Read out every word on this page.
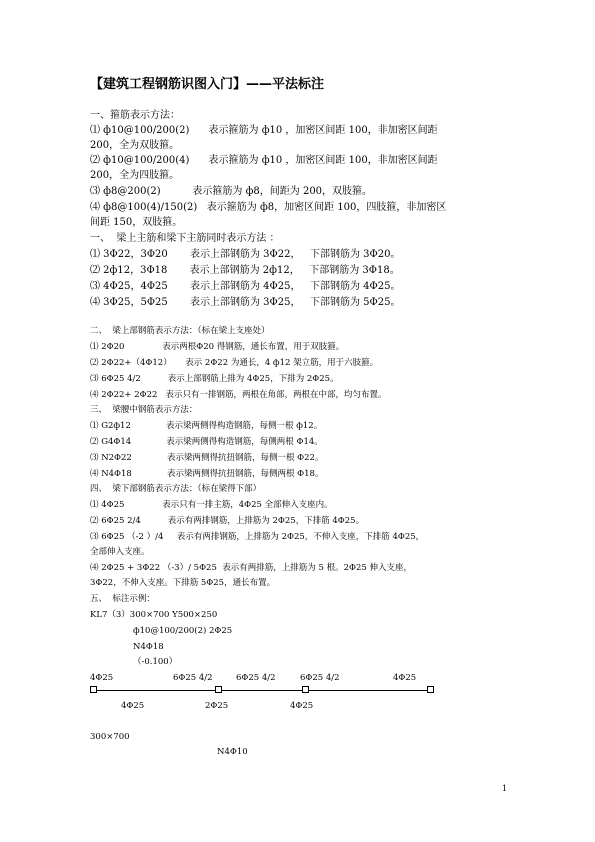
【建筑工程钢筋识图入门】——平法标注
一、箍筋表示方法：
⑴ ф10@100/200(2)      表示箍筋为 ф10 ，加密区间距 100，非加密区间距
200，全为双肢箍。
⑵ ф10@100/200(4)      表示箍筋为 ф10 ，加密区间距 100，非加密区间距
200，全为四肢箍。
⑶ ф8@200(2)          表示箍筋为 ф8，间距为 200，双肢箍。
⑷ ф8@100(4)/150(2)   表示箍筋为 ф8，加密区间距 100，四肢箍，非加密区
间距 150，双肢箍。
一、  梁上主筋和梁下主筋同时表示方法 ：
⑴ 3Φ22，3Φ20       表示上部钢筋为 3Φ22，   下部钢筋为 3Φ20。
⑵ 2ф12，3Φ18       表示上部钢筋为 2ф12，   下部钢筋为 3Φ18。
⑶ 4Φ25，4Φ25       表示上部钢筋为 4Φ25，   下部钢筋为 4Φ25。
⑷ 3Φ25，5Φ25       表示上部钢筋为 3Φ25，   下部钢筋为 5Φ25。
二、  梁上部钢筋表示方法：（标在梁上支座处）
⑴ 2Φ20              表示两根Φ20 得钢筋，通长布置，用于双肢箍。
⑵ 2Φ22+（4Φ12）     表示 2Φ22 为通长，4 ф12 架立筋，用于六肢箍。
⑶ 6Φ25 4/2          表示上部钢筋上排为 4Φ25，下排为 2Φ25。
⑷ 2Φ22+ 2Φ22   表示只有一排钢筋，两根在角部，两根在中部，均匀布置。
三、  梁腰中钢筋表示方法：
⑴ G2ф12             表示梁两侧得构造钢筋，每侧一根 ф12。
⑵ G4Φ14             表示梁两侧得构造钢筋，每侧两根 Φ14。
⑶ N2Φ22             表示梁两侧得抗扭钢筋，每侧一根 Φ22。
⑷ N4Φ18             表示梁两侧得抗扭钢筋，每侧两根 Φ18。
四、  梁下部钢筋表示方法：（标在梁得下部）
⑴ 4Φ25              表示只有一排主筋，4Φ25 全部伸入支座内。
⑵ 6Φ25 2/4          表示有两排钢筋，上排筋为 2Φ25，下排筋 4Φ25。
⑶ 6Φ25 （-2 ）/4     表示有两排钢筋，上排筋为 2Φ25，不伸入支座，下排筋 4Φ25，
全部伸入支座。
⑷ 2Φ25 + 3Φ22 （-3）/ 5Φ25  表示有两排筋，上排筋为 5 根。2Φ25 伸入支座，
3Φ22，不伸入支座。下排筋 5Φ25，通长布置。
五、  标注示例：
KL7（3）300×700 Y500×250
ф10@100/200(2) 2Φ25
N4Φ18
（-0.100）
4Φ25	6Φ25 4/2	6Φ25 4/2	6Φ25 4/2	4Φ25
4Φ25	2Φ25	4Φ25
300×700
N4Φ10
1
